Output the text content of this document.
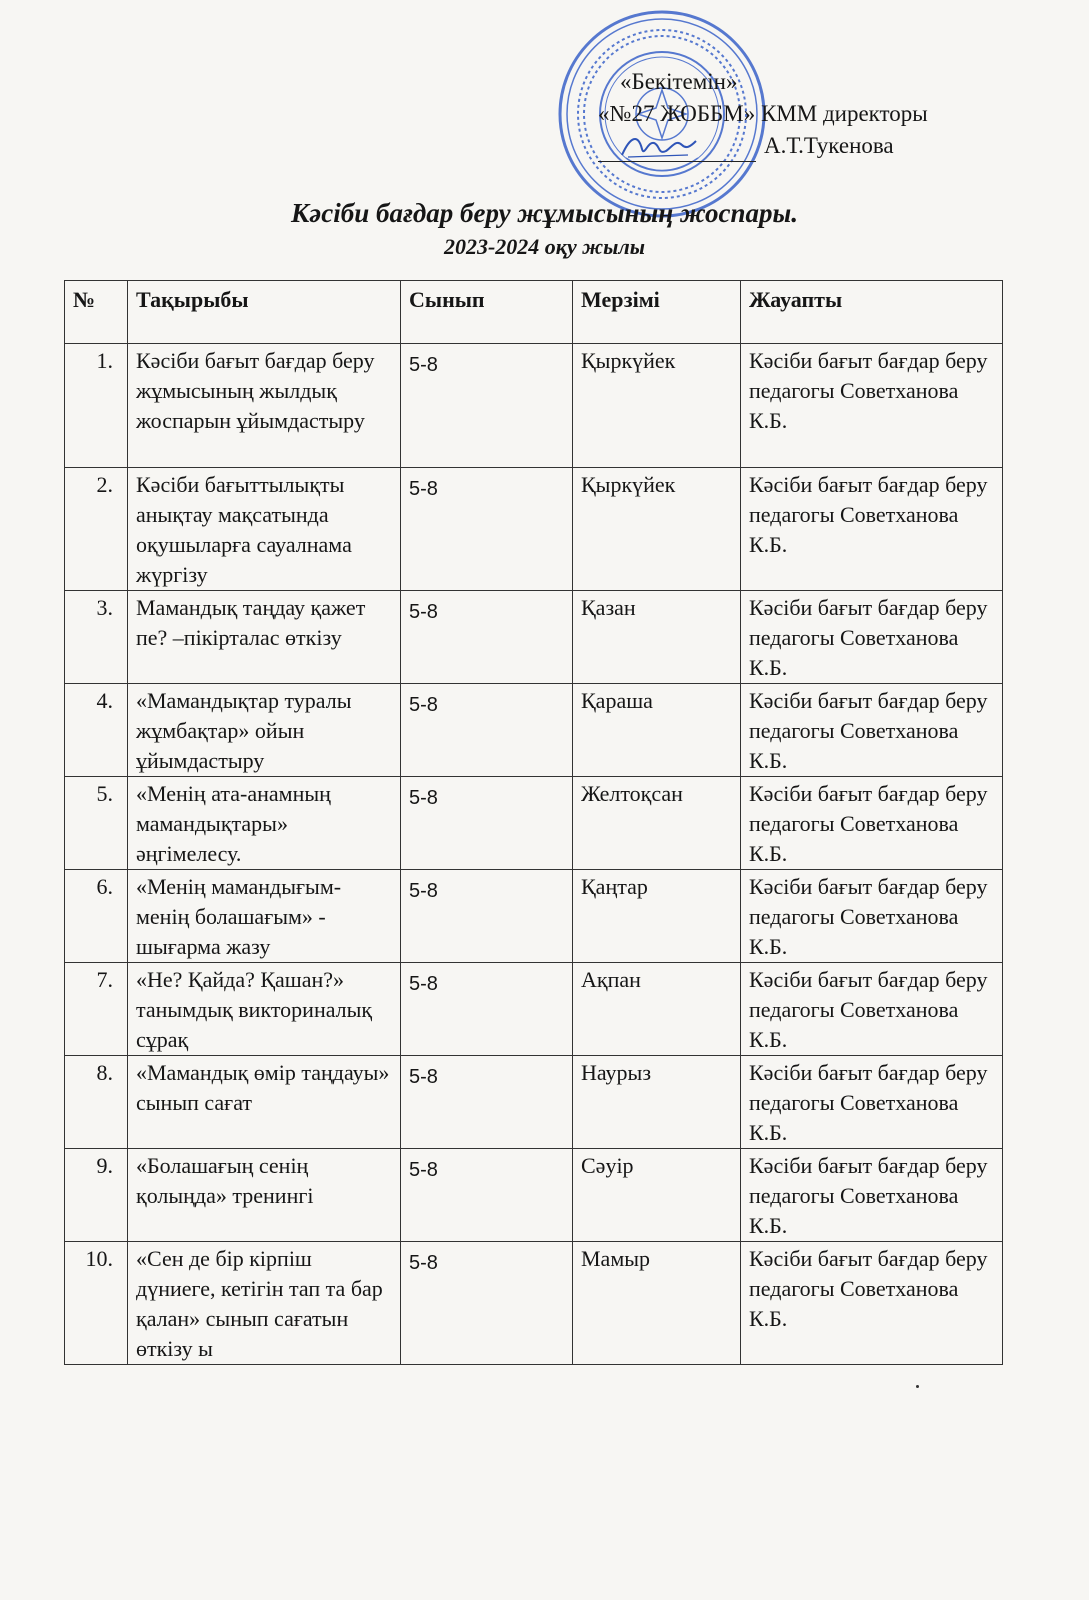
«Бекітемін»
«№27 ЖОББМ» КММ директоры
А.Т.Тукенова
Кәсіби бағдар беру жұмысының жоспары.
2023-2024 оқу жылы
№	Тақырыбы	Сынып	Мерзімі	Жауапты
1.	Кәсіби бағыт бағдар беру жұмысының жылдық жоспарын ұйымдастыру	5-8	Қыркүйек	Кәсіби бағыт бағдар беру педагогы Советханова К.Б.
2.	Кәсіби бағыттылықты анықтау мақсатында оқушыларға сауалнама жүргізу	5-8	Қыркүйек	Кәсіби бағыт бағдар беру педагогы Советханова К.Б.
3.	Мамандық таңдау қажет пе? –пікірталас өткізу	5-8	Қазан	Кәсіби бағыт бағдар беру педагогы Советханова К.Б.
4.	«Мамандықтар туралы жұмбақтар» ойын ұйымдастыру	5-8	Қараша	Кәсіби бағыт бағдар беру педагогы Советханова К.Б.
5.	«Менің ата-анамның мамандықтары» әңгімелесу.	5-8	Желтоқсан	Кәсіби бағыт бағдар беру педагогы Советханова К.Б.
6.	«Менің мамандығым- менің болашағым» - шығарма жазу	5-8	Қаңтар	Кәсіби бағыт бағдар беру педагогы Советханова К.Б.
7.	«Не? Қайда? Қашан?» танымдық викториналық сұрақ	5-8	Ақпан	Кәсіби бағыт бағдар беру педагогы Советханова К.Б.
8.	«Мамандық өмір таңдауы» сынып сағат	5-8	Наурыз	Кәсіби бағыт бағдар беру педагогы Советханова К.Б.
9.	«Болашағың сенің қолыңда» тренингі	5-8	Сәуір	Кәсіби бағыт бағдар беру педагогы Советханова К.Б.
10.	«Сен де бір кірпіш дүниеге, кетігін тап та бар қалан» сынып сағатын өткізу ы	5-8	Мамыр	Кәсіби бағыт бағдар беру педагогы Советханова К.Б.
